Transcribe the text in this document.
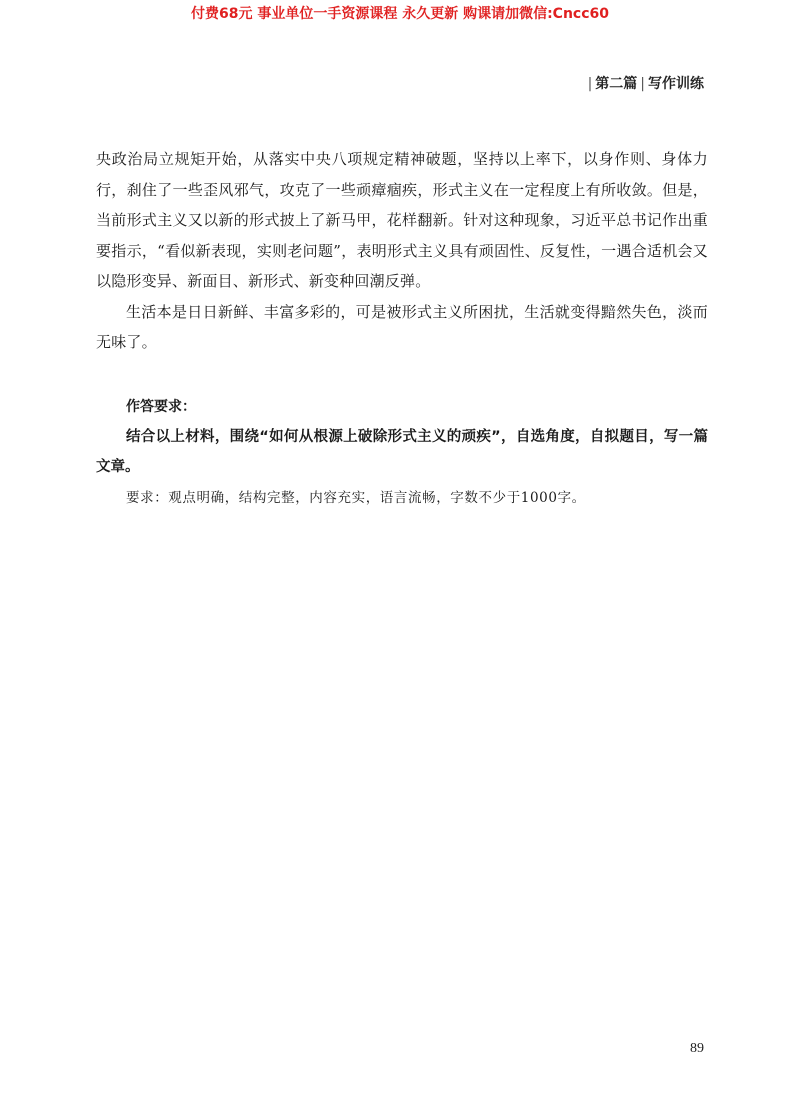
付费68元 事业单位一手资源课程 永久更新 购课请加微信:Cncc60
| 第二篇 | 写作训练

央政治局立规矩开始，从落实中央八项规定精神破题，坚持以上率下，以身作则、身体力行，刹住了一些歪风邪气，攻克了一些顽瘴痼疾，形式主义在一定程度上有所收敛。但是，当前形式主义又以新的形式披上了新马甲，花样翻新。针对这种现象，习近平总书记作出重要指示，“看似新表现，实则老问题”，表明形式主义具有顽固性、反复性，一遇合适机会又以隐形变异、新面目、新形式、新变种回潮反弹。

生活本是日日新鲜、丰富多彩的，可是被形式主义所困扰，生活就变得黯然失色，淡而无味了。

作答要求：

结合以上材料，围绕“如何从根源上破除形式主义的顽疾”，自选角度，自拟题目，写一篇文章。

要求：观点明确，结构完整，内容充实，语言流畅，字数不少于1000字。

89
